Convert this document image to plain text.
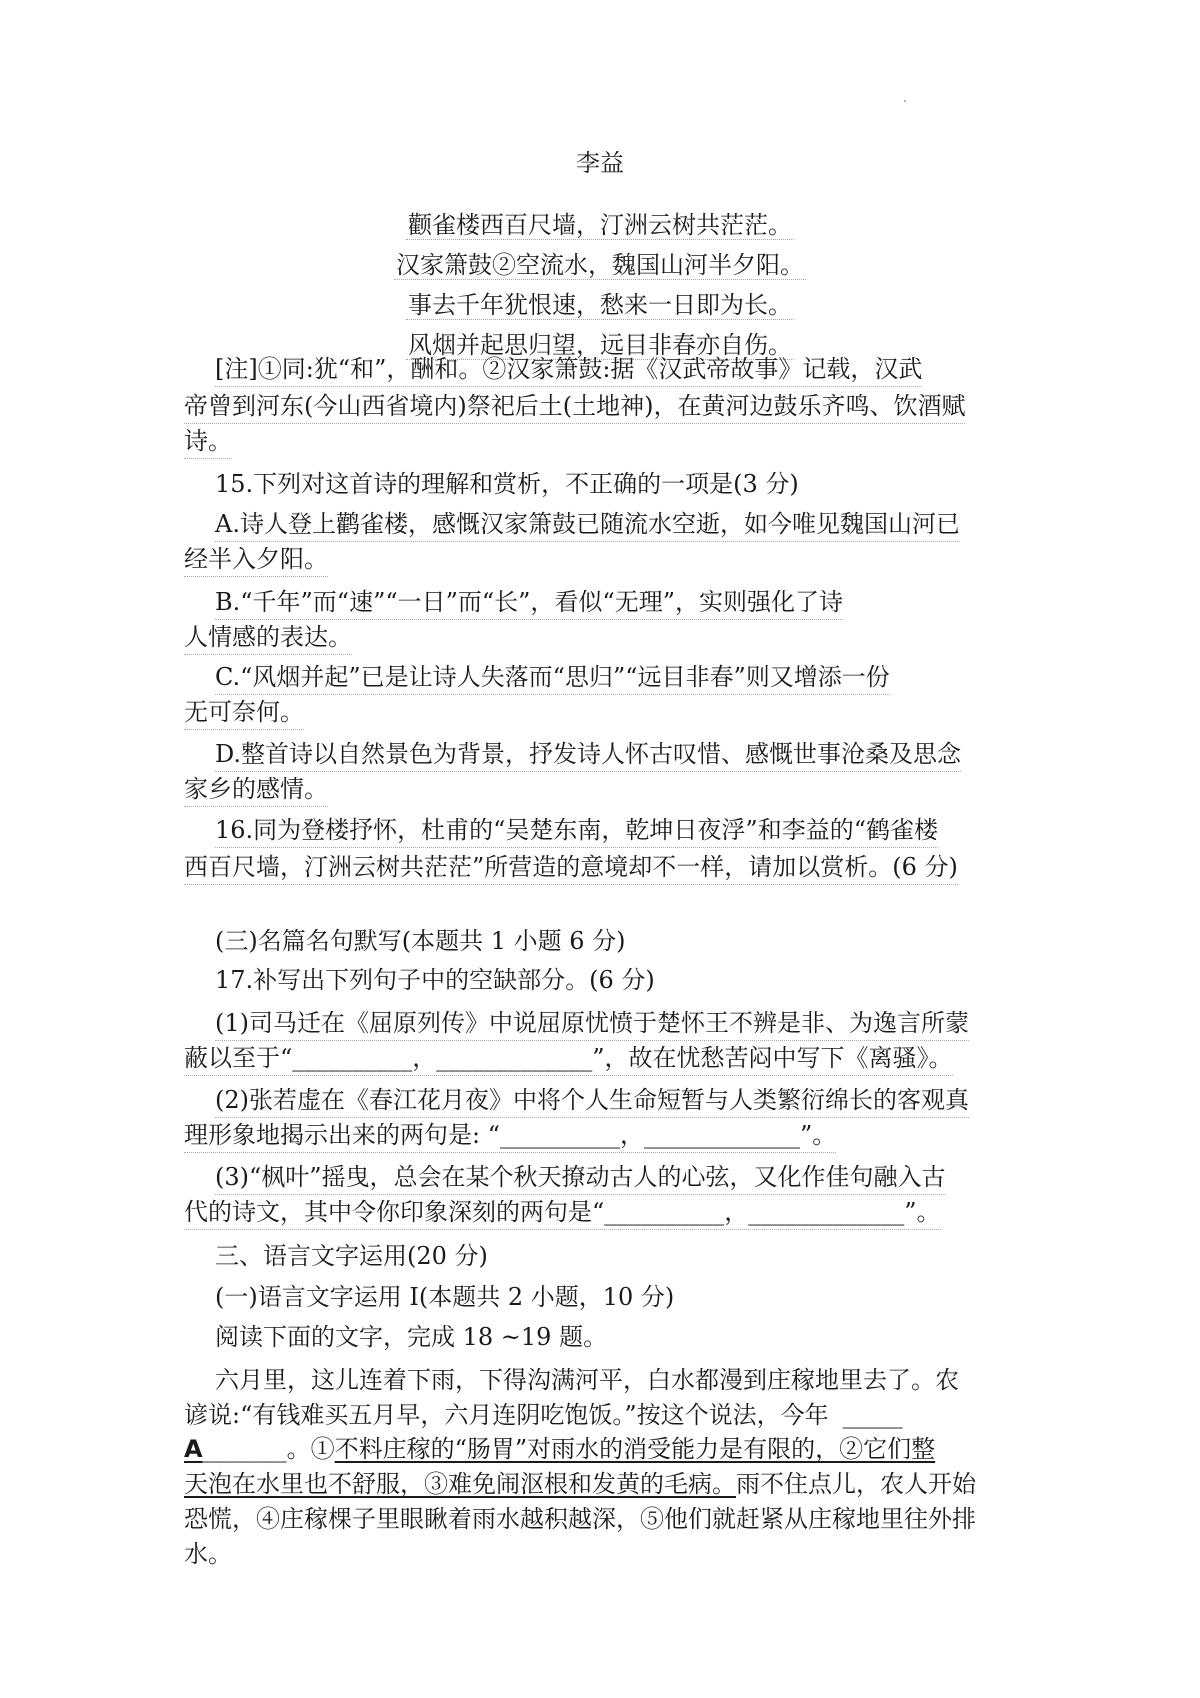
李益

颧雀楼西百尺墙，汀洲云树共茫茫。

汉家箫鼓②空流水，魏国山河半夕阳。

事去千年犹恨速，愁来一日即为长。

风烟并起思归望，远目非春亦自伤。

[注]①同:犹“和”，酬和。②汉家箫鼓:据《汉武帝故事》记载，汉武

帝曾到河东(今山西省境内)祭祀后土(土地神)，在黄河边鼓乐齐鸣、饮酒赋

诗。

15.下列对这首诗的理解和赏析，不正确的一项是(3 分)

A.诗人登上鹳雀楼，感慨汉家箫鼓已随流水空逝，如今唯见魏国山河已

经半入夕阳。

B.“千年”而“速”“一日”而“长”，看似“无理”，实则强化了诗

人情感的表达。

C.“风烟并起”已是让诗人失落而“思归”“远目非春”则又增添一份

无可奈何。

D.整首诗以自然景色为背景，抒发诗人怀古叹惜、感慨世事沧桑及思念

家乡的感情。

16.同为登楼抒怀，杜甫的“吴楚东南，乾坤日夜浮”和李益的“鹤雀楼

西百尺墙，汀洲云树共茫茫”所营造的意境却不一样，请加以赏析。(6 分)

(三)名篇名句默写(本题共 1 小题 6 分)

17.补写出下列句子中的空缺部分。(6 分)

(1)司马迁在《屈原列传》中说屈原忧愤于楚怀王不辨是非、为逸言所蒙

蔽以至于“__________，_____________”，故在忧愁苦闷中写下《离骚》。

(2)张若虚在《春江花月夜》中将个人生命短暂与人类繁衍绵长的客观真

理形象地揭示出来的两句是: “__________，_____________”。

(3)“枫叶”摇曳，总会在某个秋天撩动古人的心弦，又化作佳句融入古

代的诗文，其中令你印象深刻的两句是“__________，_____________”。

三、语言文字运用(20 分)

(一)语言文字运用 I(本题共 2 小题，10 分)

阅读下面的文字，完成 18 ~19 题。

六月里，这儿连着下雨，下得沟满河平，白水都漫到庄稼地里去了。农

谚说:“有钱难买五月早，六月连阴吃饱饭。”按这个说法，今年 _____

A_______。①不料庄稼的“肠胃”对雨水的消受能力是有限的，②它们整

天泡在水里也不舒服，③难免闹沤根和发黄的毛病。雨不住点儿，农人开始

恐慌，④庄稼棵子里眼瞅着雨水越积越深，⑤他们就赶紧从庄稼地里往外排

水。
